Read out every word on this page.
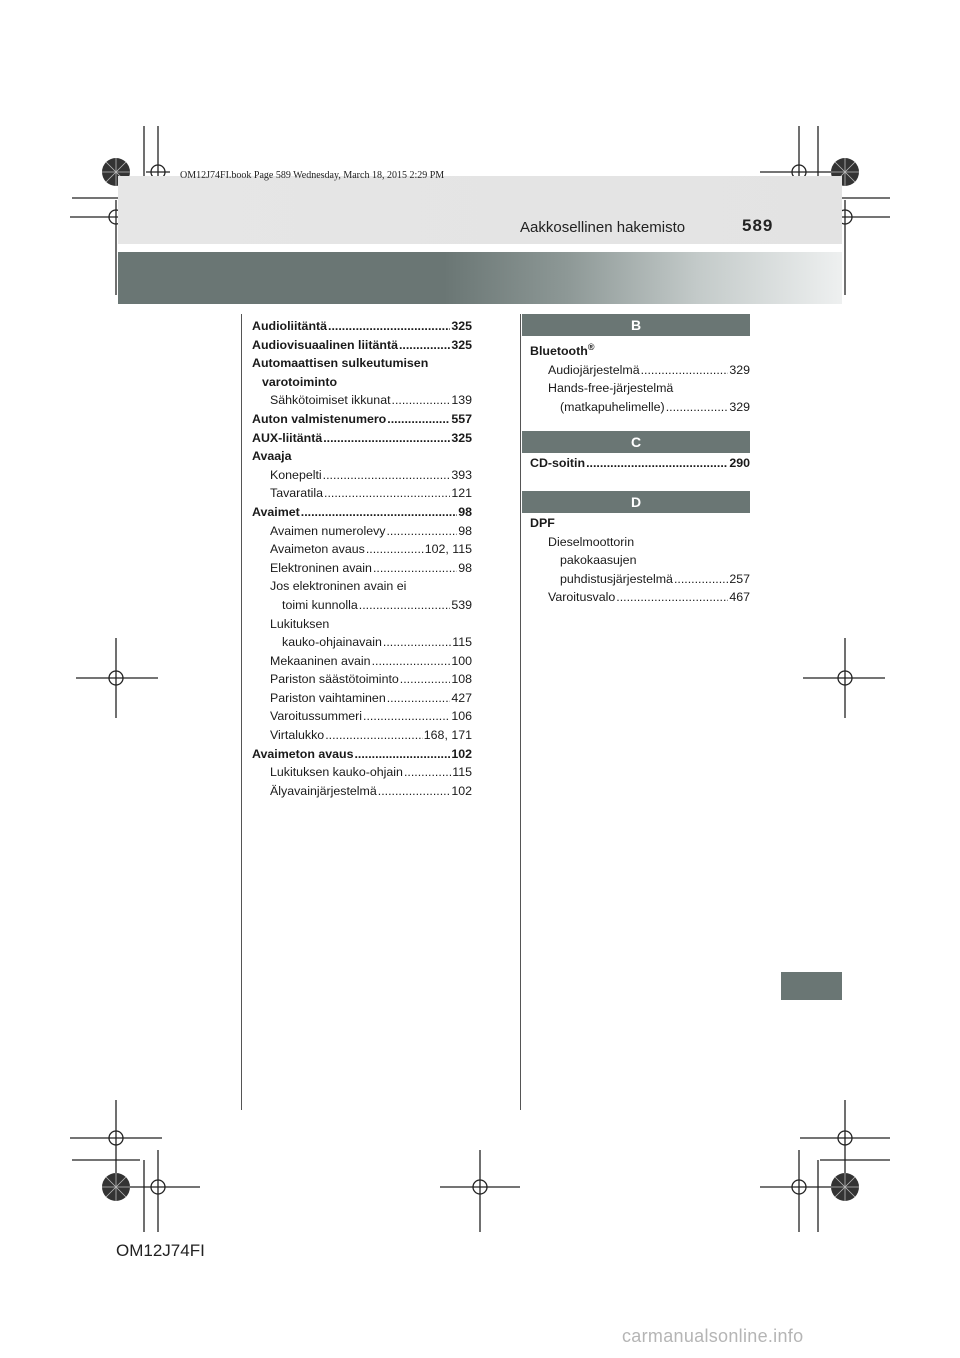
OM12J74FI.book Page 589 Wednesday, March 18, 2015 2:29 PM
Aakkosellinen hakemisto	589
Audioliitäntä .....	325
Audiovisuaalinen liitäntä .....	325
Automaattisen sulkeutumisen
varotoiminto
Sähkötoimiset ikkunat .....	139
Auton valmistenumero .....	557
AUX-liitäntä .....	325
Avaaja
Konepelti .....	393
Tavaratila .....	121
Avaimet .....	98
Avaimen numerolevy .....	98
Avaimeton avaus .....	102, 115
Elektroninen avain .....	98
Jos elektroninen avain ei
toimi kunnolla .....	539
Lukituksen
kauko-ohjainavain .....	115
Mekaaninen avain .....	100
Pariston säästötoiminto .....	108
Pariston vaihtaminen .....	427
Varoitussummeri .....	106
Virtalukko .....	168, 171
Avaimeton avaus .....	102
Lukituksen kauko-ohjain .....	115
Älyavainjärjestelmä .....	102
B
Bluetooth®
Audiojärjestelmä .....	329
Hands-free-järjestelmä
(matkapuhelimelle) .....	329
C
CD-soitin .....	290
D
DPF
Dieselmoottorin
pakokaasujen
puhdistusjärjestelmä .....	257
Varoitusvalo .....	467
OM12J74FI
carmanualsonline.info
